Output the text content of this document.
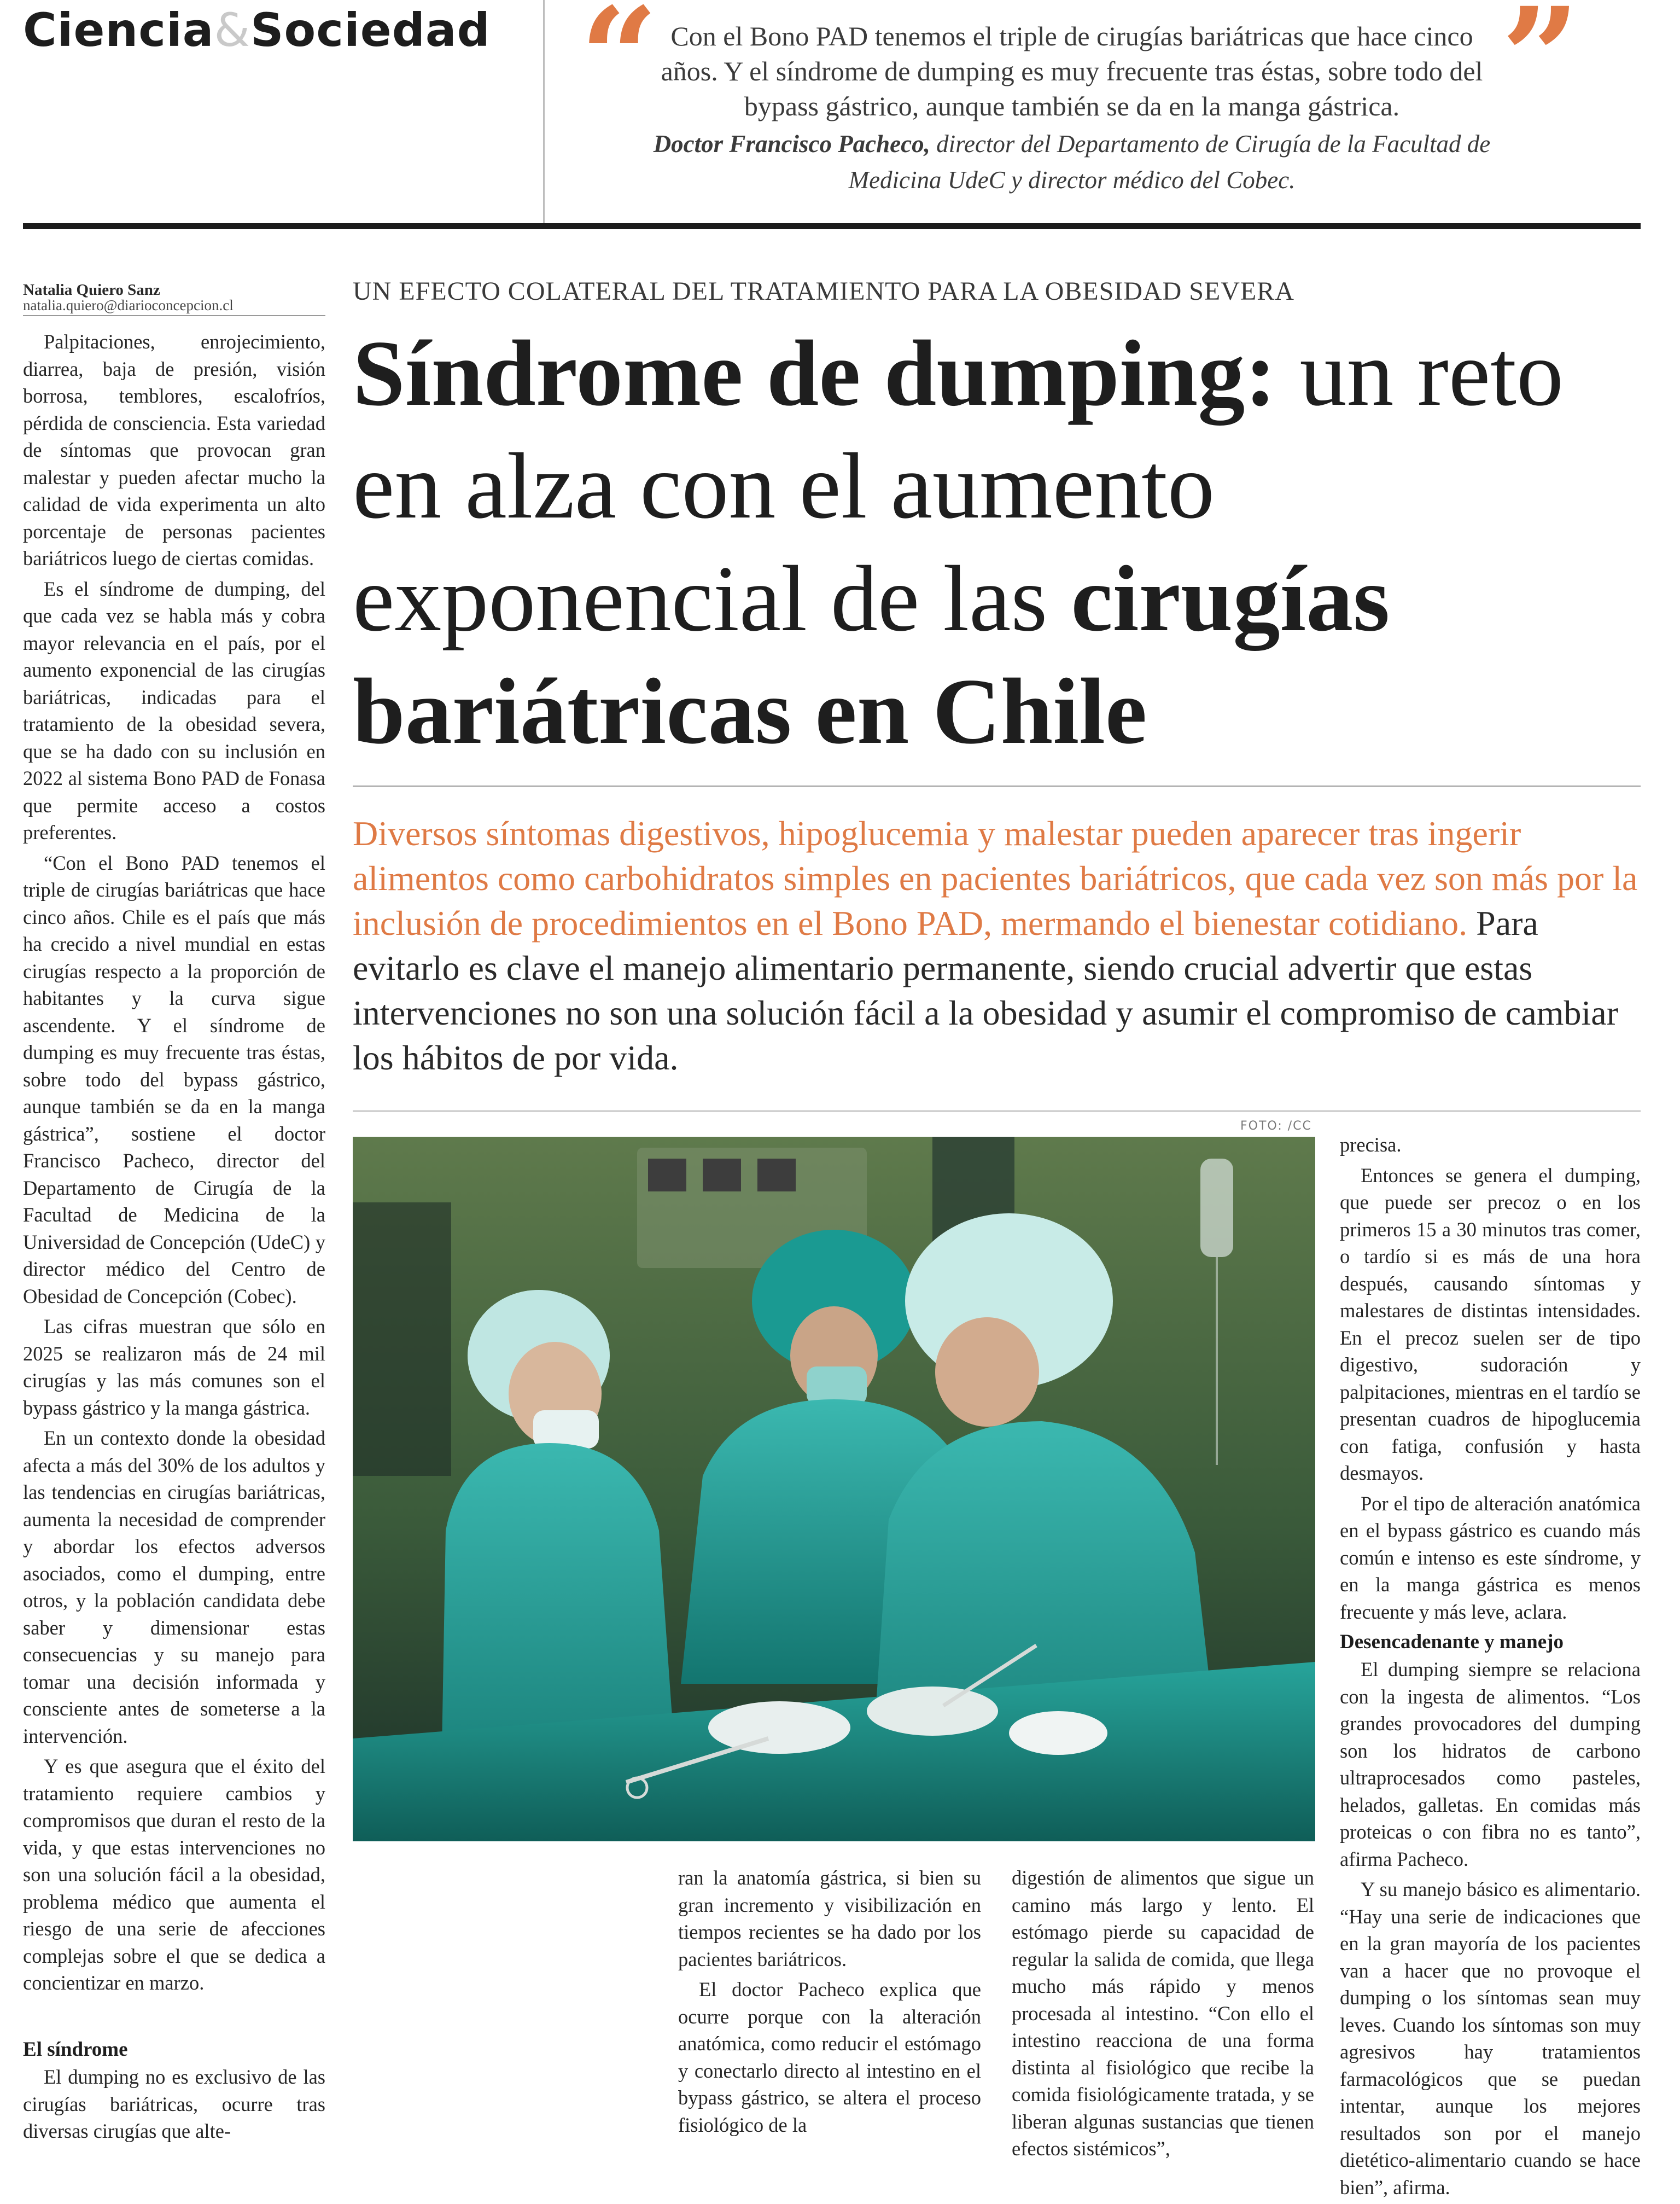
Ciencia&Sociedad “	”
Con el Bono PAD tenemos el triple de cirugías bariátricas que hace cinco años. Y el síndrome de dumping es muy frecuente tras éstas, sobre todo del bypass gástrico, aunque también se da en la manga gástrica.
Doctor Francisco Pacheco, director del Departamento de Cirugía de la Facultad de Medicina UdeC y director médico del Cobec.
Natalia Quiero Sanz
natalia.quiero@diarioconcepcion.cl	UN EFECTO COLATERAL DEL TRATAMIENTO PARA LA OBESIDAD SEVERA
Síndrome de dumping: un reto en alza con el aumento exponencial de las cirugías bariátricas en Chile
Diversos síntomas digestivos, hipoglucemia y malestar pueden aparecer tras ingerir alimentos como carbohidratos simples en pacientes bariátricos, que cada vez son más por la inclusión de procedimientos en el Bono PAD, mermando el bienestar cotidiano. Para evitarlo es clave el manejo alimentario permanente, siendo crucial advertir que estas intervenciones no son una solución fácil a la obesidad y asumir el compromiso de cambiar los hábitos de por vida.
FOTO: /CC

Palpitaciones, enrojecimiento, diarrea, baja de presión, visión borrosa, temblores, escalofríos, pérdida de consciencia. Esta variedad de síntomas que provocan gran malestar y pueden afectar mucho la calidad de vida experimenta un alto porcentaje de personas pacientes bariátricos luego de ciertas comidas.

Es el síndrome de dumping, del que cada vez se habla más y cobra mayor relevancia en el país, por el aumento exponencial de las cirugías bariátricas, indicadas para el tratamiento de la obesidad severa, que se ha dado con su inclusión en 2022 al sistema Bono PAD de Fonasa que permite acceso a costos preferentes.

“Con el Bono PAD tenemos el triple de cirugías bariátricas que hace cinco años. Chile es el país que más ha crecido a nivel mundial en estas cirugías respecto a la proporción de habitantes y la curva sigue ascendente. Y el síndrome de dumping es muy frecuente tras éstas, sobre todo del bypass gástrico, aunque también se da en la manga gástrica”, sostiene el doctor Francisco Pacheco, director del Departamento de Cirugía de la Facultad de Medicina de la Universidad de Concepción (UdeC) y director médico del Centro de Obesidad de Concepción (Cobec).

Las cifras muestran que sólo en 2025 se realizaron más de 24 mil cirugías y las más comunes son el bypass gástrico y la manga gástrica.

En un contexto donde la obesidad afecta a más del 30% de los adultos y las tendencias en cirugías bariátricas, aumenta la necesidad de comprender y abordar los efectos adversos asociados, como el dumping, entre otros, y la población candidata debe saber y dimensionar estas consecuencias y su manejo para tomar una decisión informada y consciente antes de someterse a la intervención.

Y es que asegura que el éxito del tratamiento requiere cambios y compromisos que duran el resto de la vida, y que estas intervenciones no son una solución fácil a la obesidad, problema médico que aumenta el riesgo de una serie de afecciones complejas sobre el que se dedica a concientizar en marzo.

El síndrome

El dumping no es exclusivo de las cirugías bariátricas, ocurre tras diversas cirugías que alte-

ran la anatomía gástrica, si bien su gran incremento y visibilización en tiempos recientes se ha dado por los pacientes bariátricos.

El doctor Pacheco explica que ocurre porque con la alteración anatómica, como reducir el estómago y conectarlo directo al intestino en el bypass gástrico, se altera el proceso fisiológico de la

digestión de alimentos que sigue un camino más largo y lento. El estómago pierde su capacidad de regular la salida de comida, que llega mucho más rápido y menos procesada al intestino. “Con ello el intestino reacciona de una forma distinta al fisiológico que recibe la comida fisiológicamente tratada, y se liberan algunas sustancias que tienen efectos sistémicos”,

precisa.

Entonces se genera el dumping, que puede ser precoz o en los primeros 15 a 30 minutos tras comer, o tardío si es más de una hora después, causando síntomas y malestares de distintas intensidades. En el precoz suelen ser de tipo digestivo, sudoración y palpitaciones, mientras en el tardío se presentan cuadros de hipoglucemia con fatiga, confusión y hasta desmayos.

Por el tipo de alteración anatómica en el bypass gástrico es cuando más común e intenso es este síndrome, y en la manga gástrica es menos frecuente y más leve, aclara.

Desencadenante y manejo

El dumping siempre se relaciona con la ingesta de alimentos. “Los grandes provocadores del dumping son los hidratos de carbono ultraprocesados como pasteles, helados, galletas. En comidas más proteicas o con fibra no es tanto”, afirma Pacheco.

Y su manejo básico es alimentario. “Hay una serie de indicaciones que en la gran mayoría de los pacientes van a hacer que no provoque el dumping o los síntomas sean muy leves. Cuando los síntomas son muy agresivos hay tratamientos farmacológicos que se puedan intentar, aunque los mejores resultados son por el manejo dietético-alimentario cuando se hace bien”, afirma.
